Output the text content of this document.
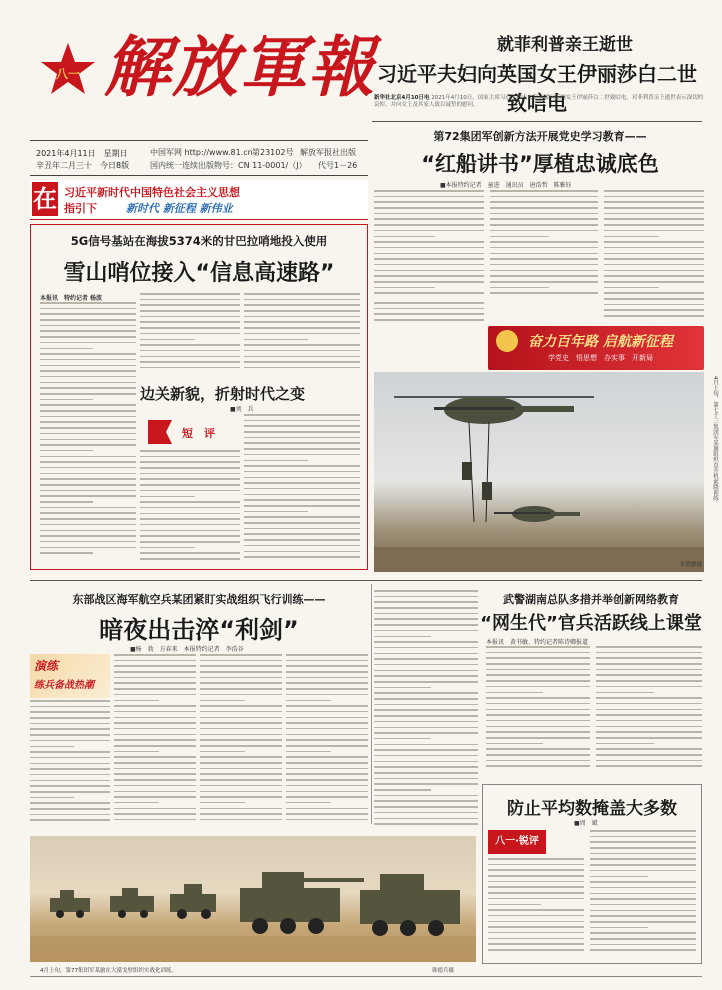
八一 解放軍報
2021年4月11日　星期日
辛丑年二月三十　今日8版
中国军网 http://www.81.cn 第23102号
国内统一连续出版物号：CN 11-0001/（J）
解放军报社出版
代号1－26
就菲利普亲王逝世
习近平夫妇向英国女王伊丽莎白二世致唁电
新华社北京4月10日电 2021年4月10日，国家主席习近平和夫人彭丽媛向英国女王伊丽莎白二世致唁电，对菲利普亲王逝世表示深切的哀悼，并向女王及其家人致以诚挚的慰问。
在 习近平新时代中国特色社会主义思想
指引下	新时代 新征程 新伟业
第72集团军创新方法开展党史学习教育——
“红船讲书”厚植忠诚底色
■本报特约记者　童进　通讯员　唐浩哲　陈雅钰
奋力百年路 启航新征程
学党史　悟思想　办实事　开新局
5G信号基站在海拔5374米的甘巴拉哨地投入使用
雪山哨位接入“信息高速路”
本报讯　特约记者 杨波
边关新貌，折射时代之变
■刘　兵
短　评	4月上旬，第七十三集团军某旅组织直升机索降训练。
朱晓鹏摄
东部战区海军航空兵某团紧盯实战组织飞行训练——
暗夜出击淬“利剑”
■杨　勃　方春来　本报特约记者　李浩谷
演练
练兵备战热潮
武警湖南总队多措并举创新网络教育
“网生代”官兵活跃线上课堂
本报讯　黄书敏、特约记者陈诗卿报道
防止平均数掩盖大多数
■周　斌
八一·锐评
4月上旬，第77集团军某旅在大漠戈壁组织实战化训练。	韩德兵摄
